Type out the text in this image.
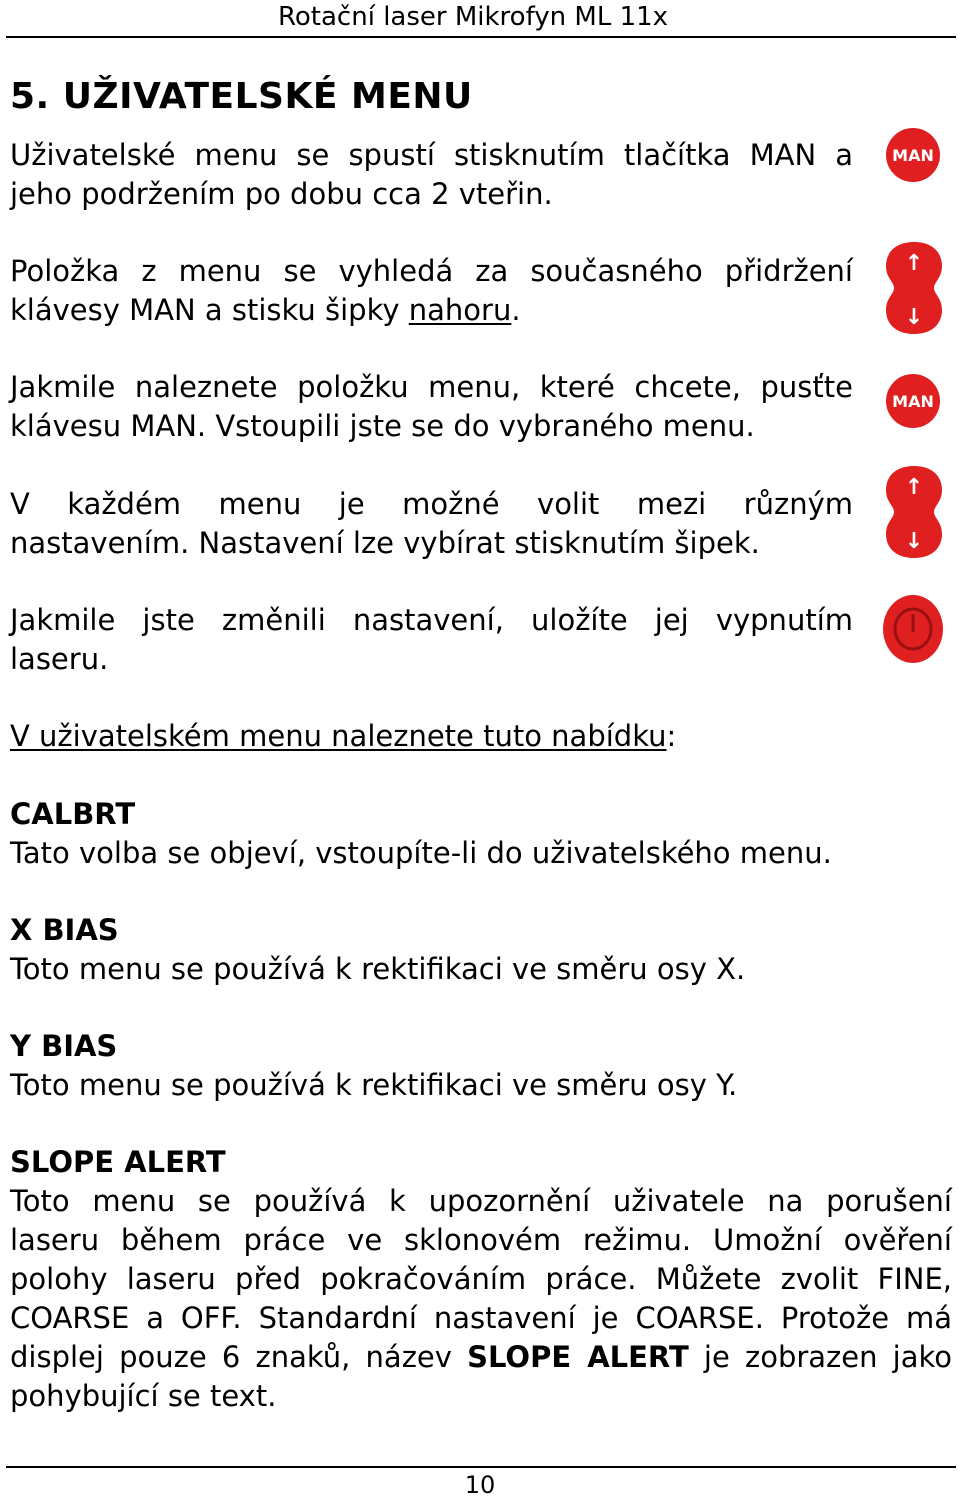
Rotační laser Mikrofyn ML 11x
5. UŽIVATELSKÉ MENU
Uživatelské menu se spustí stisknutím tlačítka MAN a
jeho podržením po dobu cca 2 vteřin.
Položka z menu se vyhledá za současného přidržení
klávesy MAN a stisku šipky nahoru.
Jakmile naleznete položku menu, které chcete, pusťte
klávesu MAN. Vstoupili jste se do vybraného menu.
V každém menu je možné volit mezi různým
nastavením. Nastavení lze vybírat stisknutím šipek.
Jakmile jste změnili nastavení, uložíte jej vypnutím
laseru.
V uživatelském menu naleznete tuto nabídku:
CALBRT
Tato volba se objeví, vstoupíte-li do uživatelského menu.
X BIAS
Toto menu se používá k rektifikaci ve směru osy X.
Y BIAS
Toto menu se používá k rektifikaci ve směru osy Y.
SLOPE ALERT
Toto menu se používá k upozornění uživatele na porušení
laseru během práce ve sklonovém režimu. Umožní ověření
polohy laseru před pokračováním práce. Můžete zvolit FINE,
COARSE a OFF. Standardní nastavení je COARSE. Protože má
displej pouze 6 znaků, název SLOPE ALERT je zobrazen jako
pohybující se text.
MAN
↑
↓
MAN
↑
↓
10
